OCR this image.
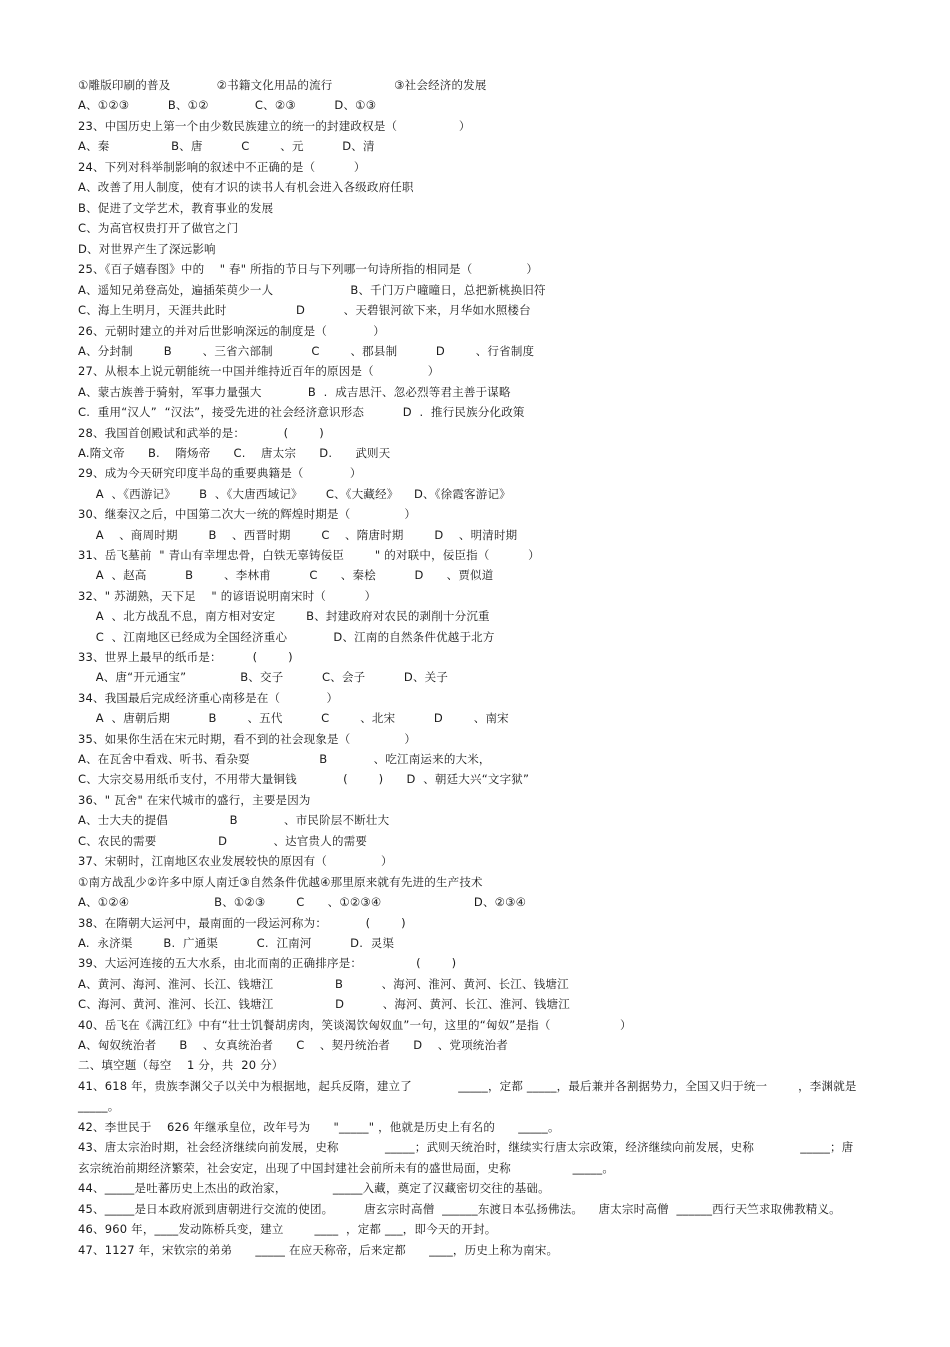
①雕版印刷的普及            ②书籍文化用品的流行                ③社会经济的发展
A、①②③          B、①②            C、②③          D、①③
23、中国历史上第一个由少数民族建立的统一的封建政权是（                ）
A、秦                B、唐          C        、元          D、清
24、下列对科举制影响的叙述中不正确的是（          ）
A、改善了用人制度，使有才识的读书人有机会进入各级政府任职
B、促进了文学艺术，教育事业的发展
C、为高官权贵打开了做官之门
D、对世界产生了深远影响
25、《百子嬉春图》中的    " 春" 所指的节日与下列哪一句诗所指的相同是（              ）
A、遥知兄弟登高处，遍插茱萸少一人                    B、千门万户曈曈日，总把新桃换旧符
C、海上生明月，天涯共此时                  D          、天碧银河欲下来，月华如水照楼台
26、元朝时建立的并对后世影响深远的制度是（            ）
A、分封制        B        、三省六部制          C        、郡县制          D        、行省制度
27、从根本上说元朝能统一中国并维持近百年的原因是（              ）
A、蒙古族善于骑射，军事力量强大            B  .  成吉思汗、忽必烈等君主善于谋略
C.  重用“汉人”  “汉法”，接受先进的社会经济意识形态          D  .  推行民族分化政策
28、我国首创殿试和武举的是：          (        )
A.隋文帝      B.    隋炀帝      C.    唐太宗      D.      武则天
29、成为今天研究印度半岛的重要典籍是（            ）
A  、《西游记》      B  、《大唐西域记》      C、《大藏经》    D、《徐霞客游记》
30、继秦汉之后，中国第二次大一统的辉煌时期是（              ）
A    、商周时期        B    、西晋时期        C    、隋唐时期        D    、明清时期
31、岳飞墓前  " 青山有幸埋忠骨，白铁无辜铸佞臣        " 的对联中，佞臣指（          ）
A  、赵高          B        、李林甫          C      、秦桧          D      、贾似道
32、" 苏湖熟，天下足    " 的谚语说明南宋时（          ）
A  、北方战乱不息，南方相对安定        B、封建政府对农民的剥削十分沉重
C  、江南地区已经成为全国经济重心            D、江南的自然条件优越于北方
33、世界上最早的纸币是：        (        )
A、唐“开元通宝”              B、交子          C、会子          D、关子
34、我国最后完成经济重心南移是在（            ）
A  、唐朝后期          B        、五代          C        、北宋          D        、南宋
35、如果你生活在宋元时期，看不到的社会现象是（              ）
A、在瓦舍中看戏、听书、看杂耍                  B            、吃江南运来的大米，
C、大宗交易用纸币支付，不用带大量铜钱            (        )      D  、朝廷大兴“文字狱”
36、" 瓦舍" 在宋代城市的盛行，主要是因为
A、士大夫的提倡                B            、市民阶层不断壮大
C、农民的需要                D            、达官贵人的需要
37、宋朝时，江南地区农业发展较快的原因有（              ）
①南方战乱少②许多中原人南迁③自然条件优越④那里原来就有先进的生产技术
A、①②④                      B、①②③        C      、①②③④                        D、②③④
38、在隋朝大运河中，最南面的一段运河称为：          (        )
A.  永济渠        B.  广通渠          C.  江南河          D.  灵渠
39、大运河连接的五大水系，由北而南的正确排序是：              (        )
A、黄河、海河、淮河、长江、钱塘江                B          、海河、淮河、黄河、长江、钱塘江
C、海河、黄河、淮河、长江、钱塘江                D          、海河、黄河、长江、淮河、钱塘江
40、岳飞在《满江红》中有“壮士饥餐胡虏肉，笑谈渴饮匈奴血”一句，这里的“匈奴”是指（                  ）
A、匈奴统治者      B    、女真统治者      C    、契丹统治者      D    、党项统治者
二、填空题（每空    1 分，共  20 分）
41、618 年，贵族李渊父子以关中为根据地，起兵反隋，建立了            _____，定都 _____，最后兼并各割据势力，全国又归于统一        ，李渊就是
_____。
42、李世民于    626 年继承皇位，改年号为      "_____" ，他就是历史上有名的      _____。
43、唐太宗治时期，社会经济继续向前发展，史称            _____；武则天统治时，继续实行唐太宗政策，经济继续向前发展，史称            _____；唐
玄宗统治前期经济繁荣，社会安定，出现了中国封建社会前所未有的盛世局面，史称                _____。
44、_____是吐蕃历史上杰出的政治家，            _____入藏，奠定了汉藏密切交往的基础。
45、_____是日本政府派到唐朝进行交流的使团。        唐玄宗时高僧  ______东渡日本弘扬佛法。    唐太宗时高僧  ______西行天竺求取佛教精义。
46、960 年，____发动陈桥兵变，建立        ____  ，定都 ___，即今天的开封。
47、1127 年，宋钦宗的弟弟      _____ 在应天称帝，后来定都      ____，历史上称为南宋。
